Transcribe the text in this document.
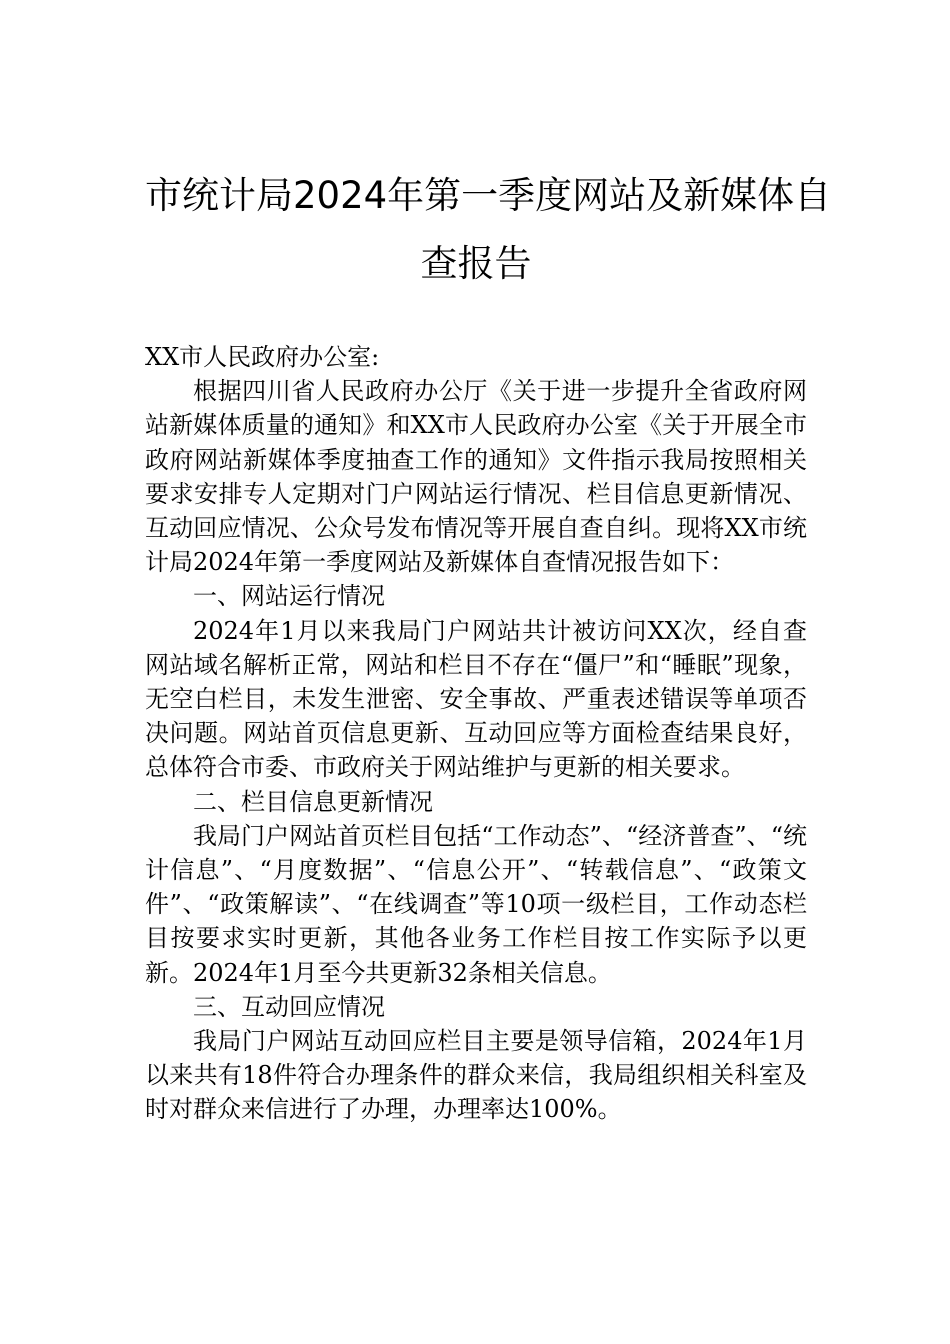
市统计局2024年第一季度网站及新媒体自
查报告

XX市人民政府办公室:

根据四川省人民政府办公厅《关于进一步提升全省政府网站新媒体质量的通知》和XX市人民政府办公室《关于开展全市政府网站新媒体季度抽查工作的通知》文件指示我局按照相关要求安排专人定期对门户网站运行情况、栏目信息更新情况、互动回应情况、公众号发布情况等开展自查自纠。现将XX市统计局2024年第一季度网站及新媒体自查情况报告如下：

一、网站运行情况

2024年1月以来我局门户网站共计被访问XX次，经自查网站域名解析正常，网站和栏目不存在“僵尸”和“睡眠”现象，无空白栏目，未发生泄密、安全事故、严重表述错误等单项否决问题。网站首页信息更新、互动回应等方面检查结果良好，总体符合市委、市政府关于网站维护与更新的相关要求。

二、栏目信息更新情况

我局门户网站首页栏目包括“工作动态”、“经济普查”、“统计信息”、“月度数据”、“信息公开”、“转载信息”、“政策文件”、“政策解读”、“在线调查”等10项一级栏目，工作动态栏目按要求实时更新，其他各业务工作栏目按工作实际予以更新。2024年1月至今共更新32条相关信息。

三、互动回应情况

我局门户网站互动回应栏目主要是领导信箱，2024年1月以来共有18件符合办理条件的群众来信，我局组织相关科室及时对群众来信进行了办理，办理率达100%。
